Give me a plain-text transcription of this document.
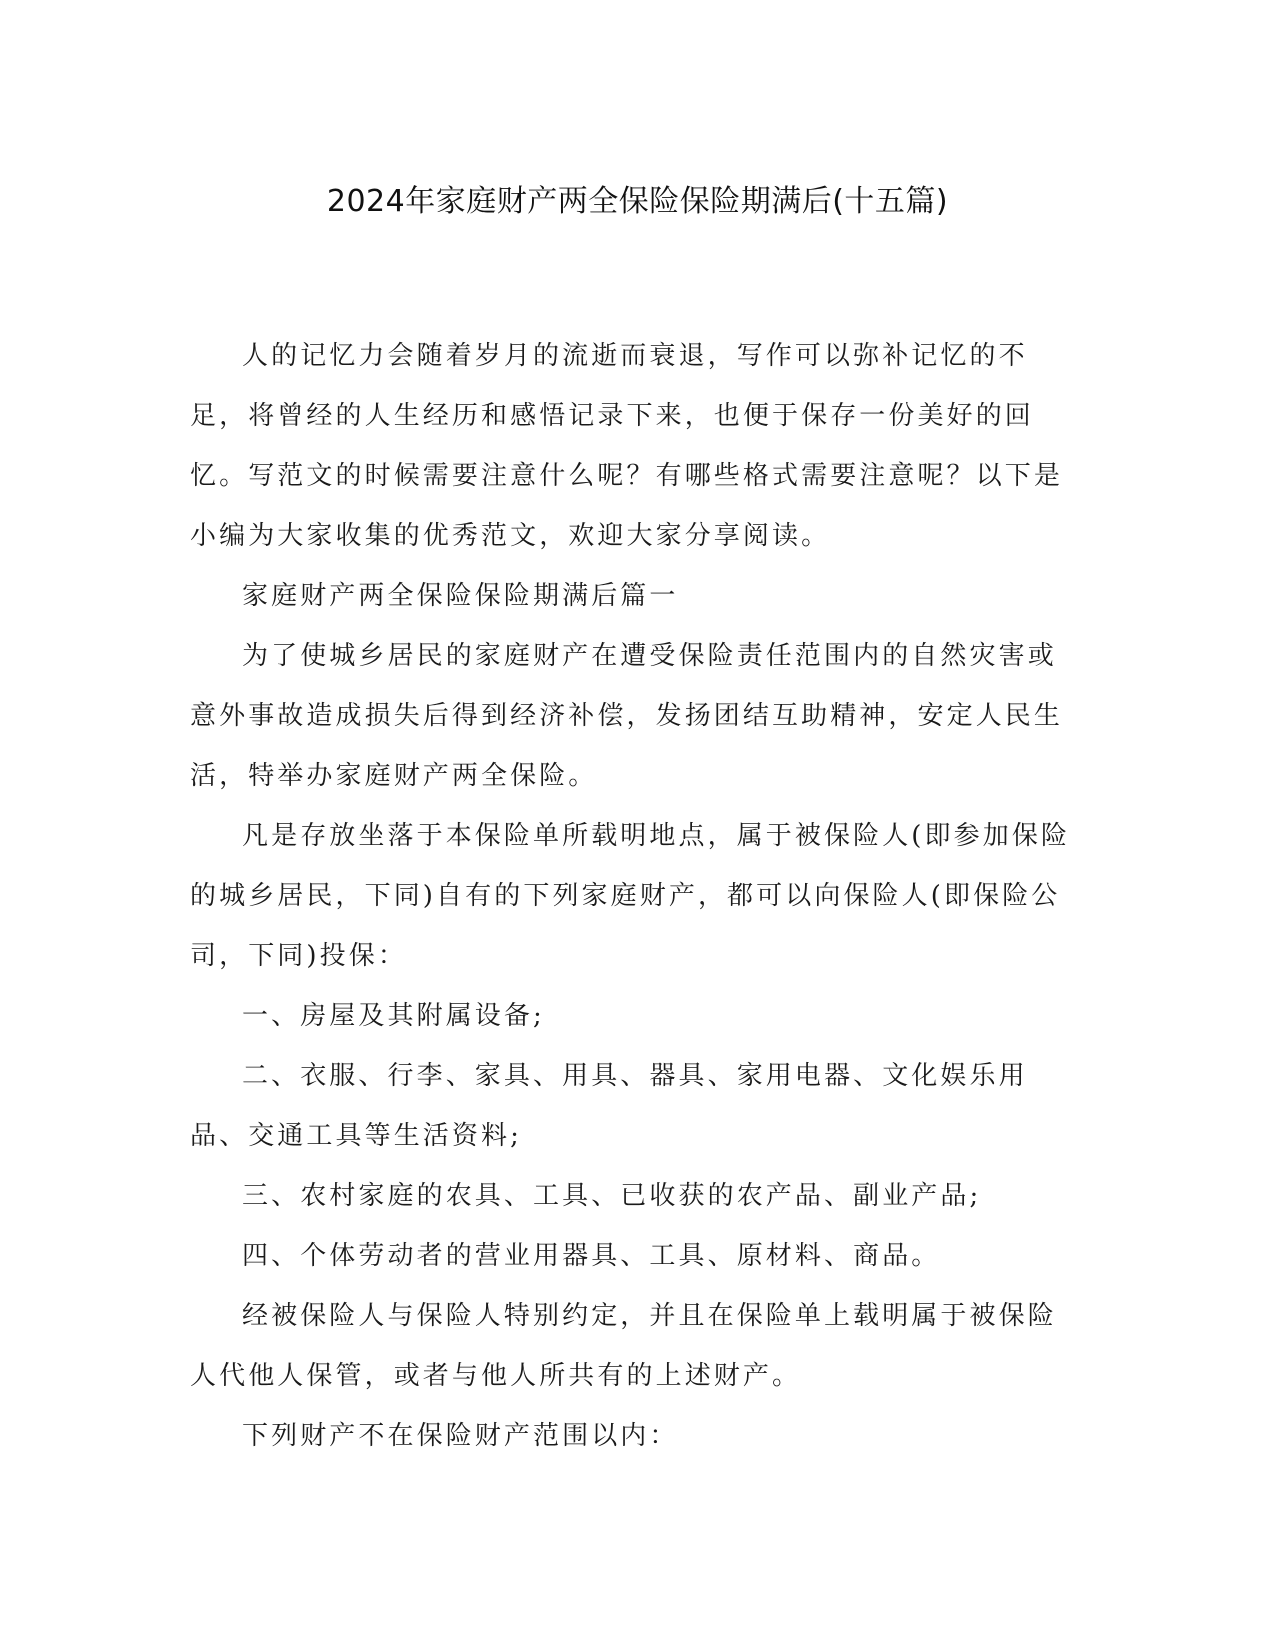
2024年家庭财产两全保险保险期满后(十五篇)

人的记忆力会随着岁月的流逝而衰退，写作可以弥补记忆的不足，将曾经的人生经历和感悟记录下来，也便于保存一份美好的回忆。写范文的时候需要注意什么呢？有哪些格式需要注意呢？以下是小编为大家收集的优秀范文，欢迎大家分享阅读。

家庭财产两全保险保险期满后篇一

为了使城乡居民的家庭财产在遭受保险责任范围内的自然灾害或意外事故造成损失后得到经济补偿，发扬团结互助精神，安定人民生活，特举办家庭财产两全保险。

凡是存放坐落于本保险单所载明地点，属于被保险人(即参加保险的城乡居民，下同)自有的下列家庭财产，都可以向保险人(即保险公司，下同)投保：

一、房屋及其附属设备;

二、衣服、行李、家具、用具、器具、家用电器、文化娱乐用品、交通工具等生活资料;

三、农村家庭的农具、工具、已收获的农产品、副业产品;

四、个体劳动者的营业用器具、工具、原材料、商品。

经被保险人与保险人特别约定，并且在保险单上载明属于被保险人代他人保管，或者与他人所共有的上述财产。

下列财产不在保险财产范围以内：
